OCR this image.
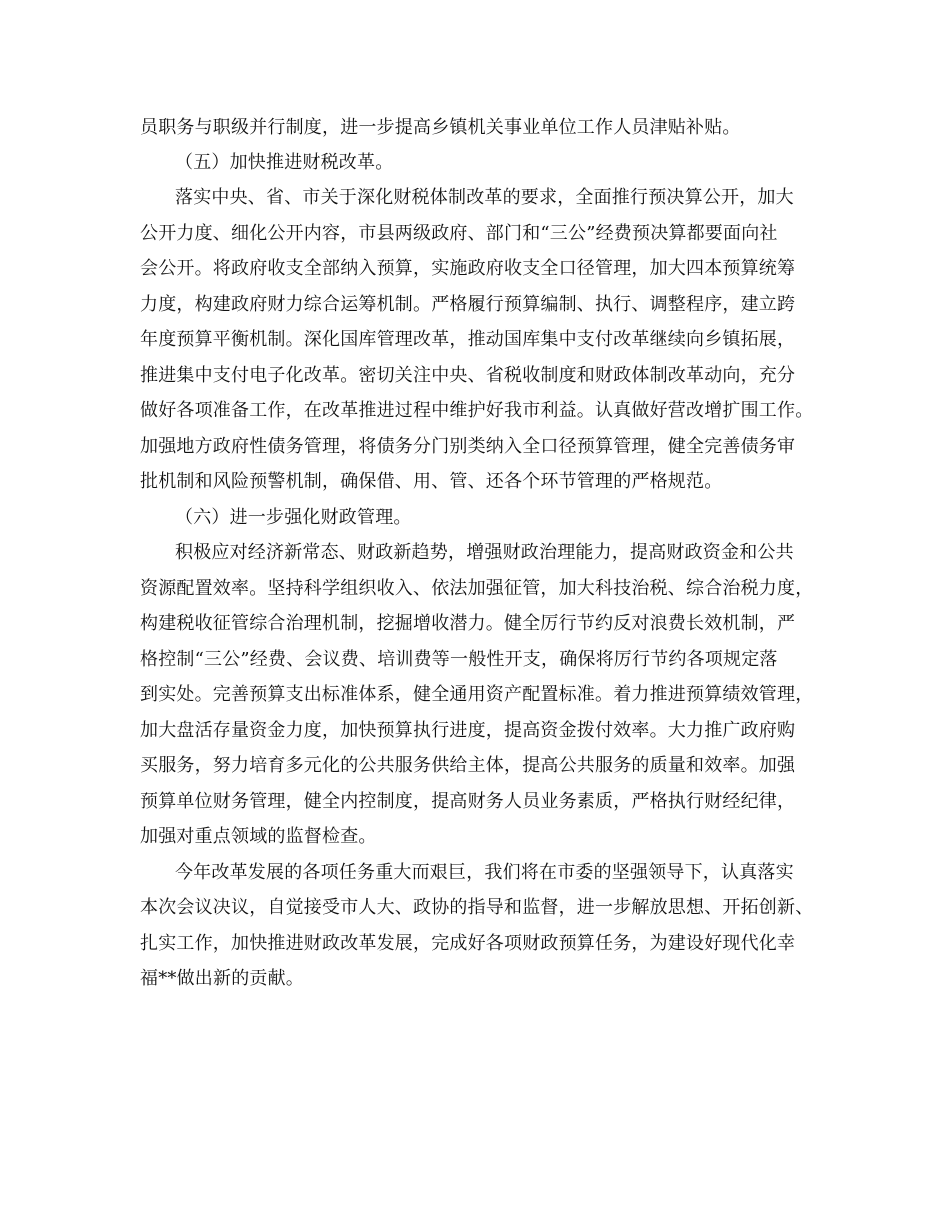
员职务与职级并行制度，进一步提高乡镇机关事业单位工作人员津贴补贴。
（五）加快推进财税改革。
落实中央、省、市关于深化财税体制改革的要求，全面推行预决算公开，加大
公开力度、细化公开内容，市县两级政府、部门和“三公”经费预决算都要面向社
会公开。将政府收支全部纳入预算，实施政府收支全口径管理，加大四本预算统筹
力度，构建政府财力综合运筹机制。严格履行预算编制、执行、调整程序，建立跨
年度预算平衡机制。深化国库管理改革，推动国库集中支付改革继续向乡镇拓展，
推进集中支付电子化改革。密切关注中央、省税收制度和财政体制改革动向，充分
做好各项准备工作，在改革推进过程中维护好我市利益。认真做好营改增扩围工作。
加强地方政府性债务管理，将债务分门别类纳入全口径预算管理，健全完善债务审
批机制和风险预警机制，确保借、用、管、还各个环节管理的严格规范。
（六）进一步强化财政管理。
积极应对经济新常态、财政新趋势，增强财政治理能力，提高财政资金和公共
资源配置效率。坚持科学组织收入、依法加强征管，加大科技治税、综合治税力度，
构建税收征管综合治理机制，挖掘增收潜力。健全厉行节约反对浪费长效机制，严
格控制“三公”经费、会议费、培训费等一般性开支，确保将厉行节约各项规定落
到实处。完善预算支出标准体系，健全通用资产配置标准。着力推进预算绩效管理，
加大盘活存量资金力度，加快预算执行进度，提高资金拨付效率。大力推广政府购
买服务，努力培育多元化的公共服务供给主体，提高公共服务的质量和效率。加强
预算单位财务管理，健全内控制度，提高财务人员业务素质，严格执行财经纪律，
加强对重点领域的监督检查。
今年改革发展的各项任务重大而艰巨，我们将在市委的坚强领导下，认真落实
本次会议决议，自觉接受市人大、政协的指导和监督，进一步解放思想、开拓创新、
扎实工作，加快推进财政改革发展，完成好各项财政预算任务，为建设好现代化幸
福**做出新的贡献。
